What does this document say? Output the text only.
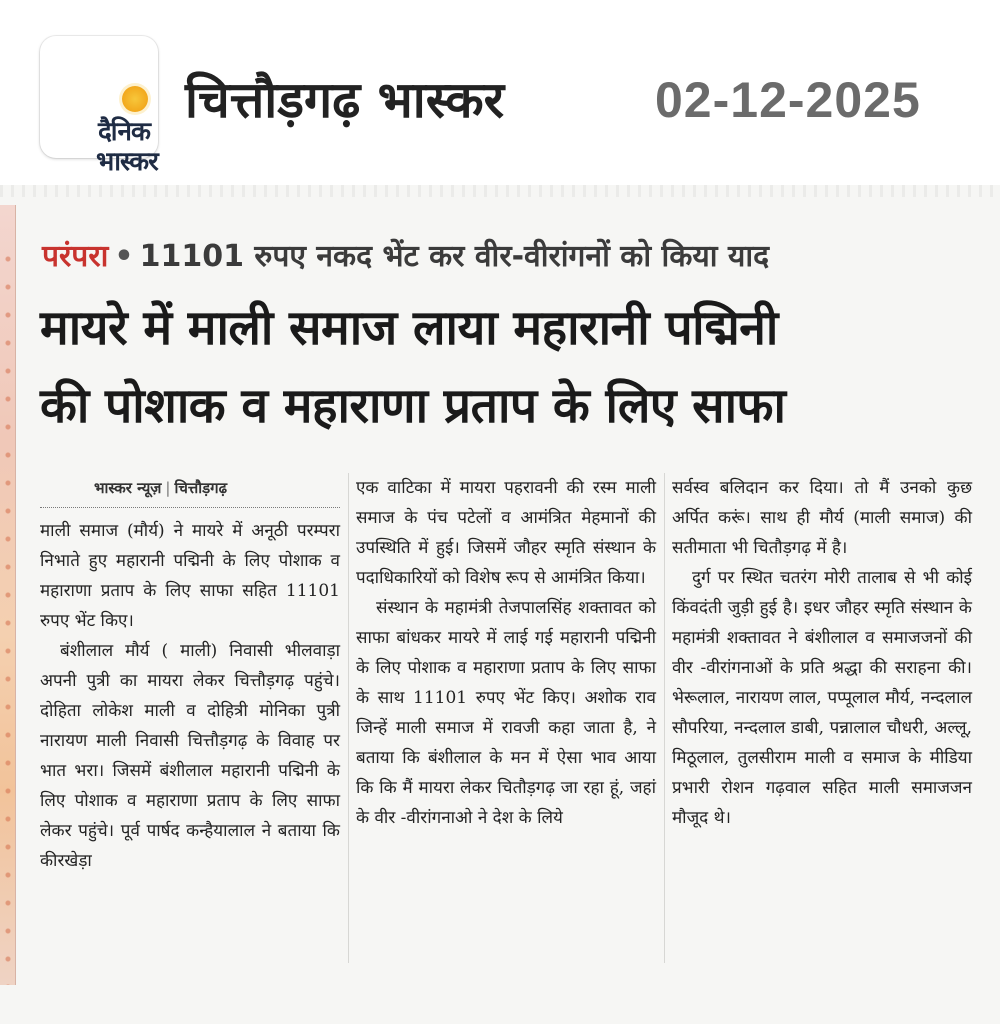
दैनिक
भास्कर
चित्तौड़गढ़ भास्कर	02-12-2025
परंपरा • 11101 रुपए नकद भेंट कर वीर-वीरांगनों को किया याद
मायरे में माली समाज लाया महारानी पद्मिनी
की पोशाक व महाराणा प्रताप के लिए साफा
भास्कर न्यूज़ | चित्तौड़गढ़

माली समाज (मौर्य) ने मायरे में अनूठी परम्परा निभाते हुए महारानी पद्मिनी के लिए पोशाक व महाराणा प्रताप के लिए साफा सहित 11101 रुपए भेंट किए।

बंशीलाल मौर्य ( माली) निवासी भीलवाड़ा अपनी पुत्री का मायरा लेकर चित्तौड़गढ़ पहुंचे। दोहिता लोकेश माली व दोहित्री मोनिका पुत्री नारायण माली निवासी चित्तौड़गढ़ के विवाह पर भात भरा। जिसमें बंशीलाल महारानी पद्मिनी के लिए पोशाक व महाराणा प्रताप के लिए साफा लेकर पहुंचे। पूर्व पार्षद कन्हैयालाल ने बताया कि कीरखेड़ा

एक वाटिका में मायरा पहरावनी की रस्म माली समाज के पंच पटेलों व आमंत्रित मेहमानों की उपस्थिति में हुई। जिसमें जौहर स्मृति संस्थान के पदाधिकारियों को विशेष रूप से आमंत्रित किया।

संस्थान के महामंत्री तेजपालसिंह शक्तावत को साफा बांधकर मायरे में लाई गई महारानी पद्मिनी के लिए पोशाक व महाराणा प्रताप के लिए साफा के साथ 11101 रुपए भेंट किए। अशोक राव जिन्हें माली समाज में रावजी कहा जाता है, ने बताया कि बंशीलाल के मन में ऐसा भाव आया कि कि मैं मायरा लेकर चितौड़गढ़ जा रहा हूं, जहां के वीर -वीरांगनाओ ने देश के लिये

सर्वस्व बलिदान कर दिया। तो मैं उनको कुछ अर्पित करूं। साथ ही मौर्य (माली समाज) की सतीमाता भी चितौड़गढ़ में है।

दुर्ग पर स्थित चतरंग मोरी तालाब से भी कोई किंवदंती जुड़ी हुई है। इधर जौहर स्मृति संस्थान के महामंत्री शक्तावत ने बंशीलाल व समाजजनों की वीर -वीरांगनाओं के प्रति श्रद्धा की सराहना की। भेरूलाल, नारायण लाल, पप्पूलाल मौर्य, नन्दलाल सौपरिया, नन्दलाल डाबी, पन्नालाल चौधरी, अल्लू, मिठूलाल, तुलसीराम माली व समाज के मीडिया प्रभारी रोशन गढ़वाल सहित माली समाजजन मौजूद थे।
